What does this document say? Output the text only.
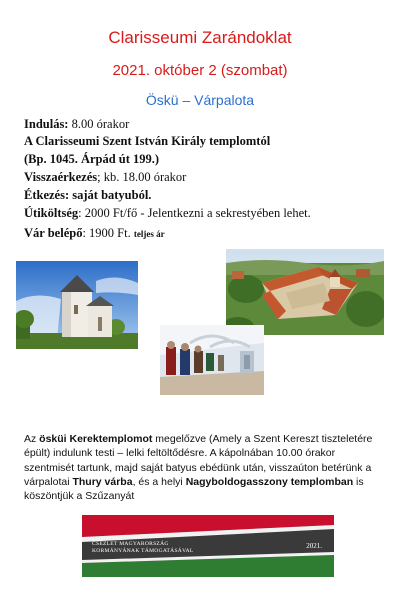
Clarisseumi Zarándoklat
2021. október 2 (szombat)
Öskü – Várpalota
Indulás: 8.00 órakor
A Clarisseumi Szent István Király templomtól
(Bp. 1045. Árpád út 199.)
Visszaérkezés; kb. 18.00 órakor
Étkezés: saját batyuból.
Útiköltség: 2000 Ft/fő - Jelentkezni a sekrestyében lehet.
Vár belépő: 1900 Ft. teljes ár
Az ösküi Kerektemplomot megelőzve (Amely a Szent Kereszt tiszteletére épült) indulunk testi – lelki feltöltődésre. A kápolnában 10.00 órakor szentmisét tartunk, majd saját batyus ebédünk után, visszaúton betérünk a várpalotai Thury várba, és a helyi Nagyboldogasszony templomban is köszöntjük a Szűzanyát
CSEZLET MAGYARORSZÁG
KORMÁNYÁNAK TÁMOGATÁSÁVAL
2021.
